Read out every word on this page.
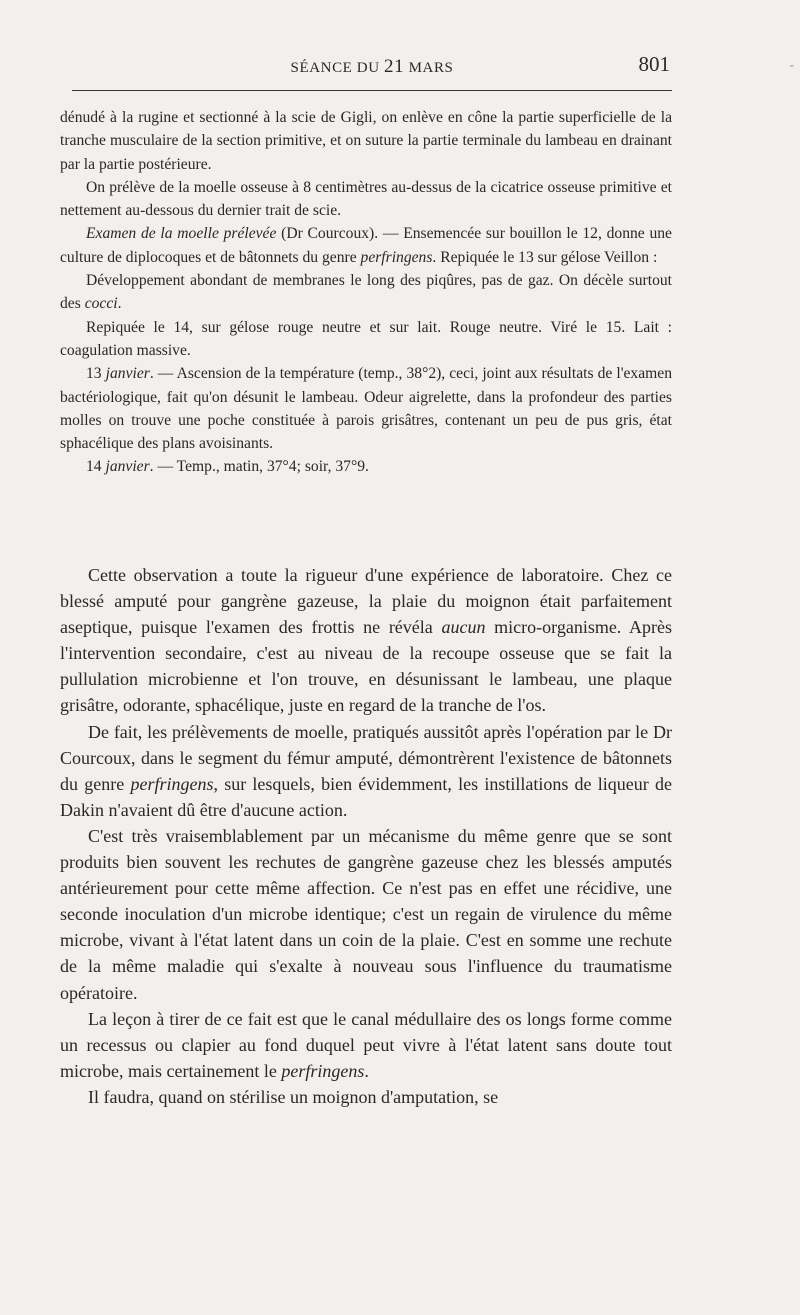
SÉANCE DU 21 MARS	801	-

dénudé à la rugine et sectionné à la scie de Gigli, on enlève en cône la partie superficielle de la tranche musculaire de la section primitive, et on suture la partie terminale du lambeau en drainant par la partie postérieure.

On prélève de la moelle osseuse à 8 centimètres au-dessus de la cicatrice osseuse primitive et nettement au-dessous du dernier trait de scie.

Examen de la moelle prélevée (Dr Courcoux). — Ensemencée sur bouillon le 12, donne une culture de diplocoques et de bâtonnets du genre perfringens. Repiquée le 13 sur gélose Veillon :

Développement abondant de membranes le long des piqûres, pas de gaz. On décèle surtout des cocci.

Repiquée le 14, sur gélose rouge neutre et sur lait. Rouge neutre. Viré le 15. Lait : coagulation massive.

13 janvier. — Ascension de la température (temp., 38°2), ceci, joint aux résultats de l'examen bactériologique, fait qu'on désunit le lambeau. Odeur aigrelette, dans la profondeur des parties molles on trouve une poche constituée à parois grisâtres, contenant un peu de pus gris, état sphacélique des plans avoisinants.

14 janvier. — Temp., matin, 37°4; soir, 37°9.

Cette observation a toute la rigueur d'une expérience de laboratoire. Chez ce blessé amputé pour gangrène gazeuse, la plaie du moignon était parfaitement aseptique, puisque l'examen des frottis ne révéla aucun micro-organisme. Après l'intervention secondaire, c'est au niveau de la recoupe osseuse que se fait la pullulation microbienne et l'on trouve, en désunissant le lambeau, une plaque grisâtre, odorante, sphacélique, juste en regard de la tranche de l'os.

De fait, les prélèvements de moelle, pratiqués aussitôt après l'opération par le Dr Courcoux, dans le segment du fémur amputé, démontrèrent l'existence de bâtonnets du genre perfringens, sur lesquels, bien évidemment, les instillations de liqueur de Dakin n'avaient dû être d'aucune action.

C'est très vraisemblablement par un mécanisme du même genre que se sont produits bien souvent les rechutes de gangrène gazeuse chez les blessés amputés antérieurement pour cette même affection. Ce n'est pas en effet une récidive, une seconde inoculation d'un microbe identique; c'est un regain de virulence du même microbe, vivant à l'état latent dans un coin de la plaie. C'est en somme une rechute de la même maladie qui s'exalte à nouveau sous l'influence du traumatisme opératoire.

La leçon à tirer de ce fait est que le canal médullaire des os longs forme comme un recessus ou clapier au fond duquel peut vivre à l'état latent sans doute tout microbe, mais certainement le perfringens.

Il faudra, quand on stérilise un moignon d'amputation, se
